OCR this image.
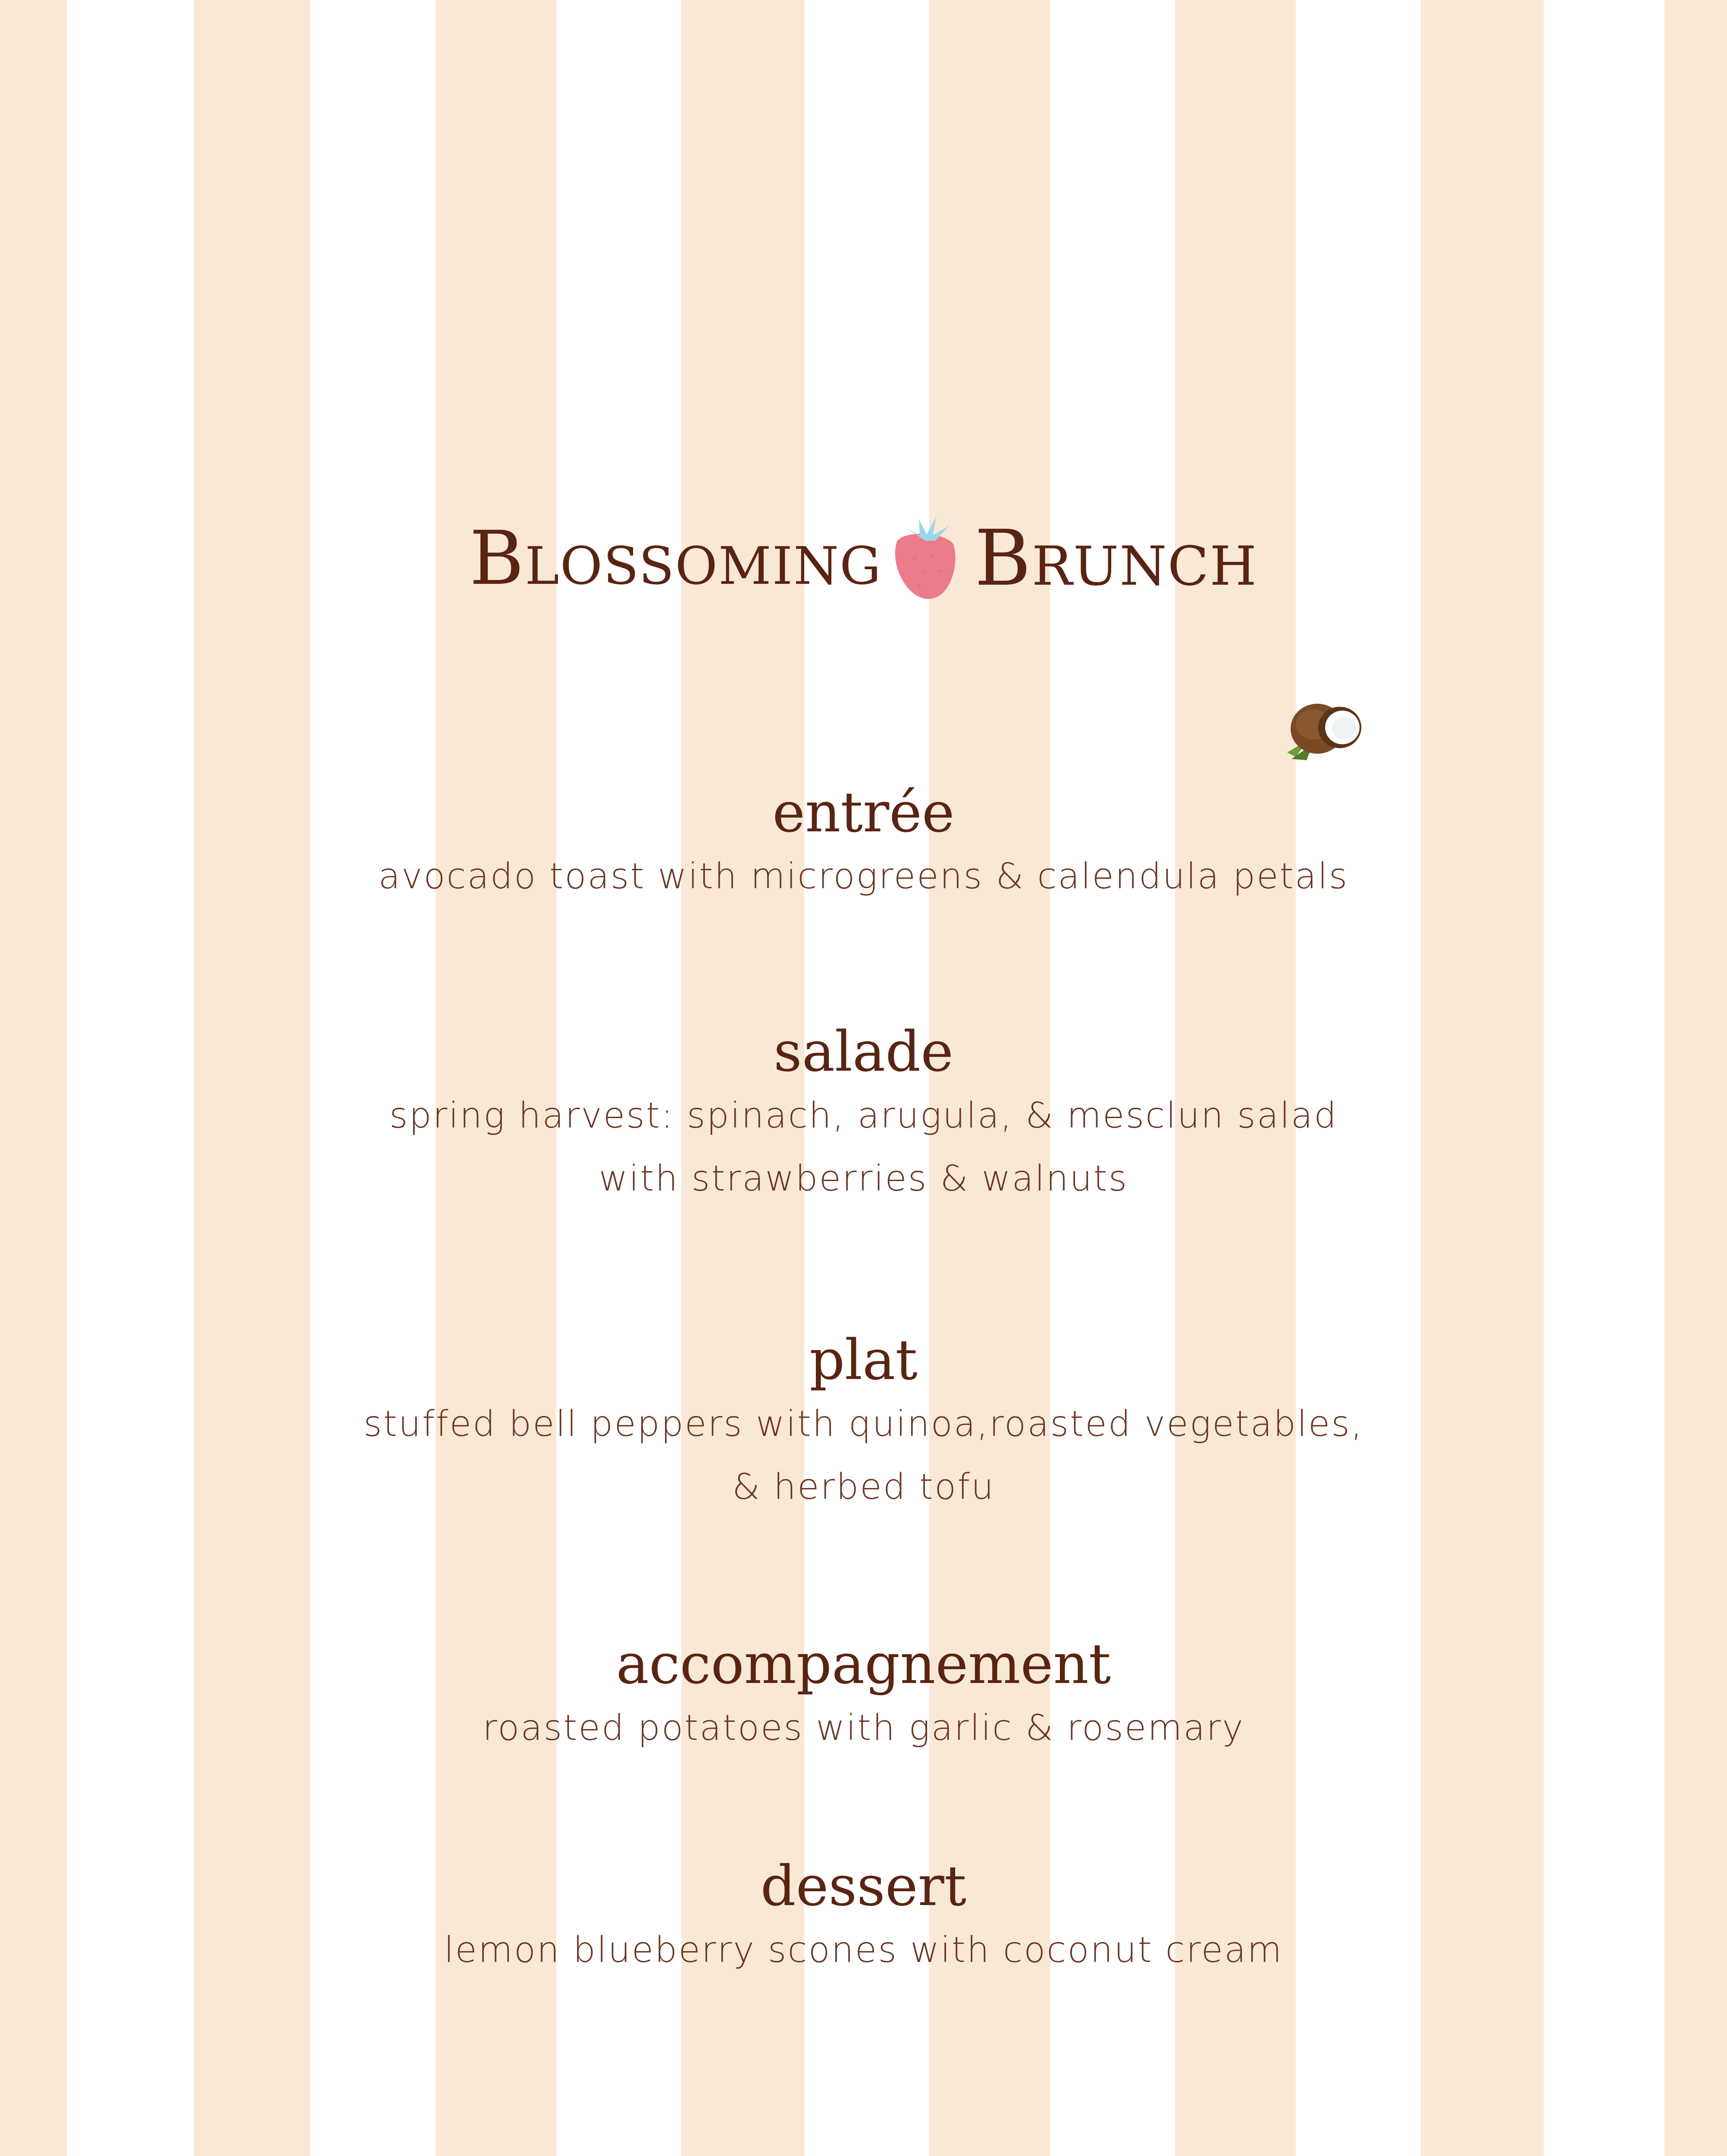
Blossoming Brunch
entrée

avocado toast with microgreens & calendula petals

salade

spring harvest: spinach, arugula, & mesclun salad
with strawberries & walnuts

plat

stuffed bell peppers with quinoa,roasted vegetables,
& herbed tofu

accompagnement

roasted potatoes with garlic & rosemary

dessert

lemon blueberry scones with coconut cream
